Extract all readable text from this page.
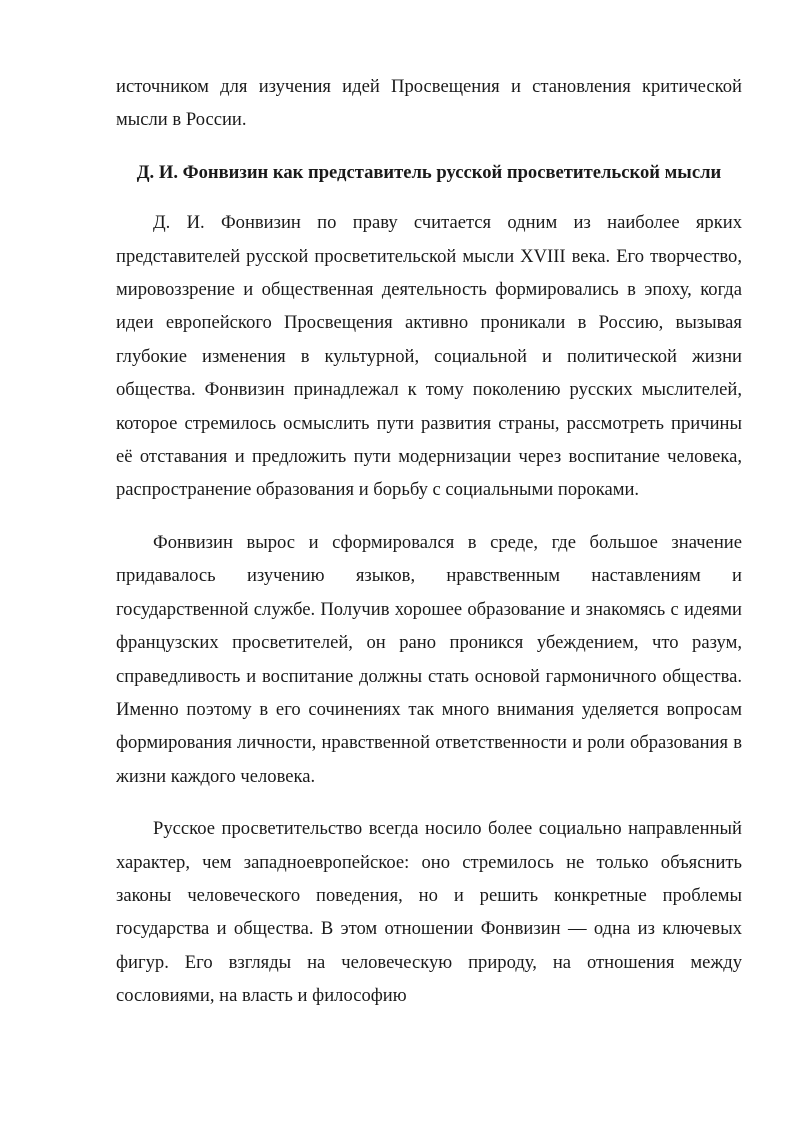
источником для изучения идей Просвещения и становления критической мысли в России.

Д. И. Фонвизин как представитель русской просветительской мысли

Д. И. Фонвизин по праву считается одним из наиболее ярких представителей русской просветительской мысли XVIII века. Его творчество, мировоззрение и общественная деятельность формировались в эпоху, когда идеи европейского Просвещения активно проникали в Россию, вызывая глубокие изменения в культурной, социальной и политической жизни общества. Фонвизин принадлежал к тому поколению русских мыслителей, которое стремилось осмыслить пути развития страны, рассмотреть причины её отставания и предложить пути модернизации через воспитание человека, распространение образования и борьбу с социальными пороками.

Фонвизин вырос и сформировался в среде, где большое значение придавалось изучению языков, нравственным наставлениям и государственной службе. Получив хорошее образование и знакомясь с идеями французских просветителей, он рано проникся убеждением, что разум, справедливость и воспитание должны стать основой гармоничного общества. Именно поэтому в его сочинениях так много внимания уделяется вопросам формирования личности, нравственной ответственности и роли образования в жизни каждого человека.

Русское просветительство всегда носило более социально направленный характер, чем западноевропейское: оно стремилось не только объяснить законы человеческого поведения, но и решить конкретные проблемы государства и общества. В этом отношении Фонвизин — одна из ключевых фигур. Его взгляды на человеческую природу, на отношения между сословиями, на власть и философию
